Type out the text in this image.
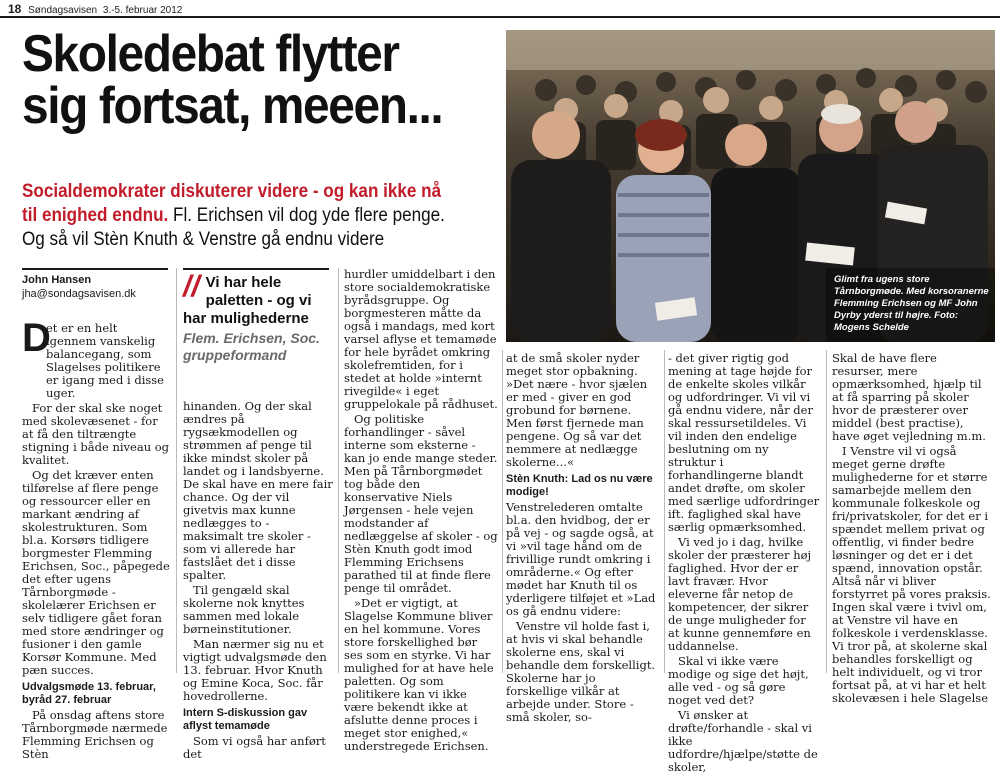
18 Søndagsavisen 3.-5. februar 2012
Skoledebat flytter sig fortsat, meeen...
Socialdemokrater diskuterer videre - og kan ikke nå til enighed endnu. Fl. Erichsen vil dog yde flere penge. Og så vil Stèn Knuth & Venstre gå endnu videre
Glimt fra ugens store Tårnborgmøde. Med korsoranerne Flemming Erichsen og MF John Dyrby yderst til højre. Foto: Mogens Schelde
John Hansen
jha@sondagsavisen.dk
D

et er en helt igennem vanskelig balancegang, som Slagelses politikere er igang med i disse uger.

For der skal ske noget med skolevæsenet - for at få den tiltrængte stigning i både niveau og kvalitet.

Og det kræver enten tilførelse af flere penge og ressourcer eller en markant ændring af skolestrukturen. Som bl.a. Korsørs tidligere borgmester Flemming Erichsen, Soc., påpegede det efter ugens Tårnborgmøde - skolelærer Erichsen er selv tidligere gået foran med store ændringer og fusioner i den gamle Korsør Kommune. Med pæn succes.

Udvalgsmøde 13. februar, byråd 27. februar

På onsdag aftens store Tårnborgmøde nærmede Flemming Erichsen og Stèn

// Vi har hele paletten - og vi har mulighederne
Flem. Erichsen, Soc. gruppeformand

hinanden. Og der skal ændres på rygsækmodellen og strømmen af penge til ikke mindst skoler på landet og i landsbyerne. De skal have en mere fair chance. Og der vil givetvis max kunne nedlægges to - maksimalt tre skoler - som vi allerede har fastslået det i disse spalter.

Til gengæld skal skolerne nok knyttes sammen med lokale børneinstitutioner.

Man nærmer sig nu et vigtigt udvalgsmøde den 13. februar. Hvor Knuth og Emine Koca, Soc. får hovedrollerne.

Intern S-diskussion gav aflyst temamøde

Som vi også har anført det

hurdler umiddelbart i den store socialdemokratiske byrådsgruppe. Og borgmesteren måtte da også i mandags, med kort varsel aflyse et temamøde for hele byrådet omkring skolefremtiden, for i stedet at holde »internt rivegilde« i eget gruppelokale på rådhuset.

Og politiske forhandlinger - såvel interne som eksterne - kan jo ende mange steder. Men på Tårnborgmødet tog både den konservative Niels Jørgensen - hele vejen modstander af nedlæggelse af skoler - og Stèn Knuth godt imod Flemming Erichsens parathed til at finde flere penge til området.

»Det er vigtigt, at Slagelse Kommune bliver en hel kommune. Vores store forskellighed bør ses som en styrke. Vi har mulighed for at have hele paletten. Og som politikere kan vi ikke være bekendt ikke at afslutte denne proces i meget stor enighed,« understregede Erichsen.

at de små skoler nyder meget stor opbakning. »Det nære - hvor sjælen er med - giver en god grobund for børnene. Men først fjernede man pengene. Og så var det nemmere at nedlægge skolerne...«

Stèn Knuth: Lad os nu være modige!

Venstrelederen omtalte bl.a. den hvidbog, der er på vej - og sagde også, at vi »vil tage hånd om de frivillige rundt omkring i områderne.« Og efter mødet har Knuth til os yderligere tilføjet et »Lad os gå endnu videre:

Venstre vil holde fast i, at hvis vi skal behandle skolerne ens, skal vi behandle dem forskelligt. Skolerne har jo forskellige vilkår at arbejde under. Store - små skoler, so-

- det giver rigtig god mening at tage højde for de enkelte skoles vilkår og udfordringer. Vi vil vi gå endnu videre, når der skal ressursetildeles. Vi vil inden den endelige beslutning om ny struktur i forhandlingerne blandt andet drøfte, om skoler med særlige udfordringer ift. faglighed skal have særlig opmærksomhed.

Vi ved jo i dag, hvilke skoler der præsterer høj faglighed. Hvor der er lavt fravær. Hvor eleverne får netop de kompetencer, der sikrer de unge muligheder for at kunne gennemføre en uddannelse.

Skal vi ikke være modige og sige det højt, alle ved - og så gøre noget ved det?

Vi ønsker at drøfte/forhandle - skal vi ikke udfordre/hjælpe/støtte de skoler,

Skal de have flere resurser, mere opmærksomhed, hjælp til at få sparring på skoler hvor de præsterer over middel (best practise), have øget vejledning m.m.

I Venstre vil vi også meget gerne drøfte mulighederne for et større samarbejde mellem den kommunale folkeskole og fri/privatskoler, for det er i spændet mellem privat og offentlig, vi finder bedre løsninger og det er i det spænd, innovation opstår. Altså når vi bliver forstyrret på vores praksis. Ingen skal være i tvivl om, at Venstre vil have en folkeskole i verdensklasse. Vi tror på, at skolerne skal behandles forskelligt og helt individuelt, og vi tror fortsat på, at vi har et helt skolevæsen i hele Slagelse
